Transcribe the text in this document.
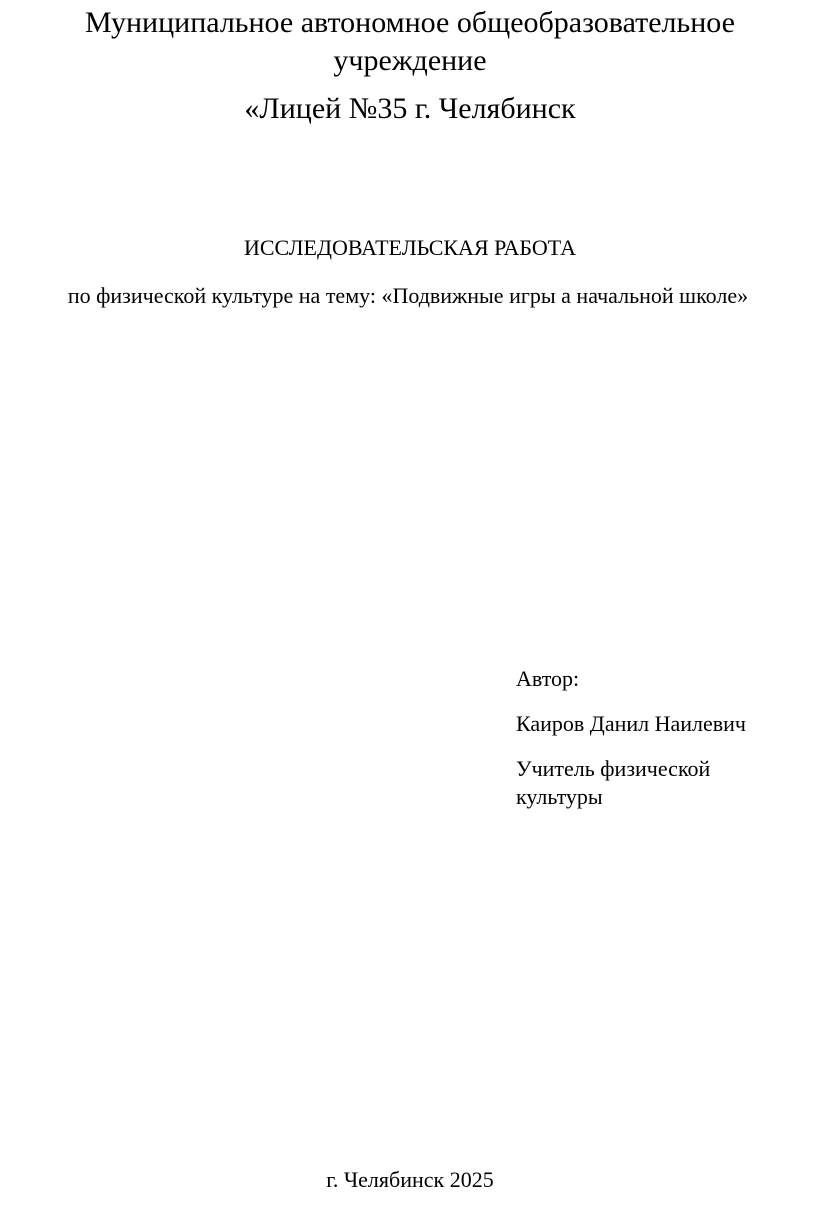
Муниципальное автономное общеобразовательное
учреждение
«Лицей №35 г. Челябинск
ИССЛЕДОВАТЕЛЬСКАЯ РАБОТА
по физической культуре на тему: «Подвижные игры а начальной школе»
Автор:
Каиров Данил Наилевич
Учитель физической
культуры
г. Челябинск 2025
